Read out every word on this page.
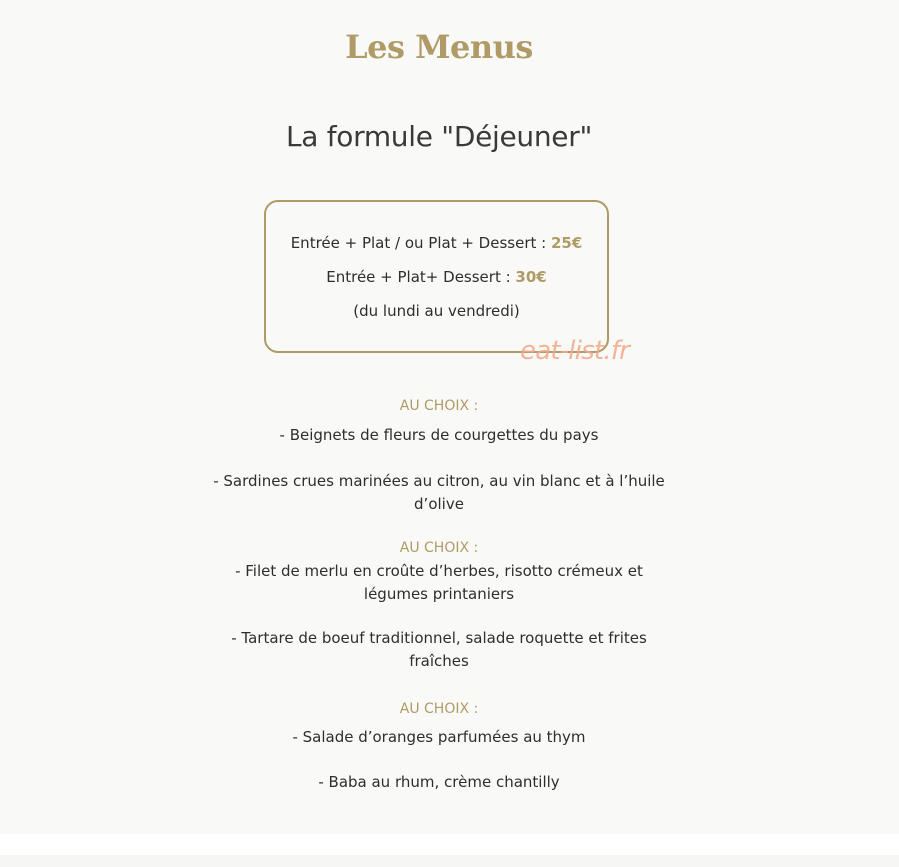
Les Menus
La formule "Déjeuner"
Entrée + Plat / ou Plat + Dessert : 25€
Entrée + Plat+ Dessert : 30€
(du lundi au vendredi)
eat-list.fr
AU CHOIX :
- Beignets de fleurs de courgettes du pays
- Sardines crues marinées au citron, au vin blanc et à l’huile d’olive
AU CHOIX :
- Filet de merlu en croûte d’herbes, risotto crémeux et légumes printaniers
- Tartare de boeuf traditionnel, salade roquette et frites fraîches
AU CHOIX :
- Salade d’oranges parfumées au thym
- Baba au rhum, crème chantilly
